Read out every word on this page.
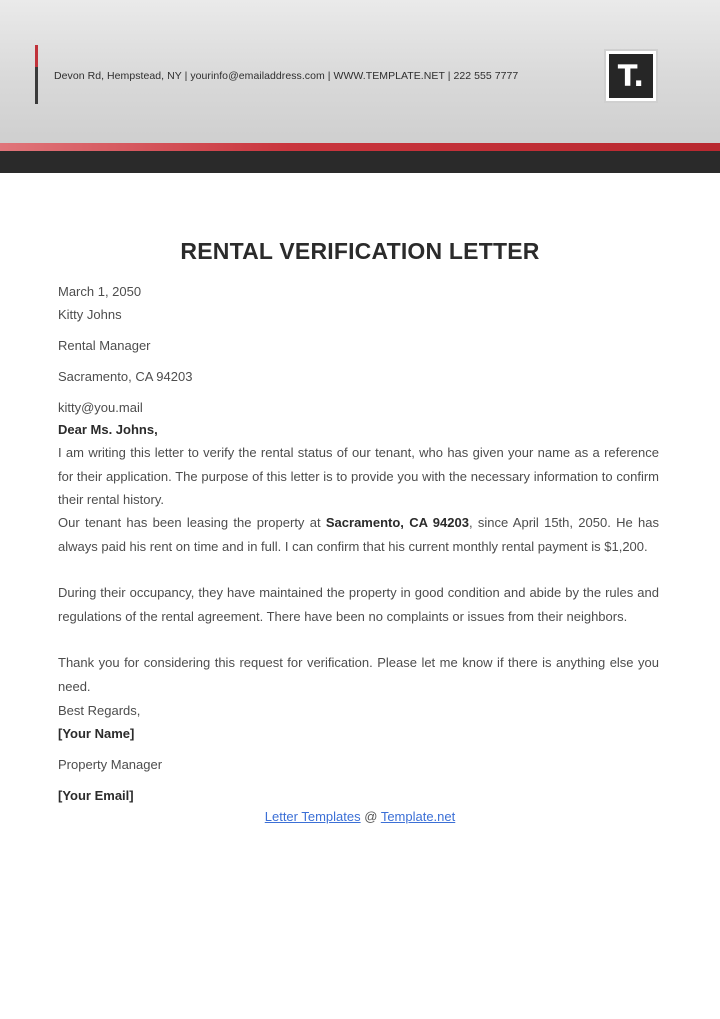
Devon Rd, Hempstead, NY | yourinfo@emailaddress.com | WWW.TEMPLATE.NET | 222 555 7777	T.
RENTAL VERIFICATION LETTER
March 1, 2050
Kitty Johns
Rental Manager
Sacramento, CA 94203
kitty@you.mail
Dear Ms. Johns,
I am writing this letter to verify the rental status of our tenant, who has given your name as a reference for their application. The purpose of this letter is to provide you with the necessary information to confirm their rental history.
Our tenant has been leasing the property at Sacramento, CA 94203, since April 15th, 2050. He has always paid his rent on time and in full. I can confirm that his current monthly rental payment is $1,200.
During their occupancy, they have maintained the property in good condition and abide by the rules and regulations of the rental agreement. There have been no complaints or issues from their neighbors.
Thank you for considering this request for verification. Please let me know if there is anything else you need.
Best Regards,
[Your Name]
Property Manager
[Your Email]
Letter Templates @ Template.net
